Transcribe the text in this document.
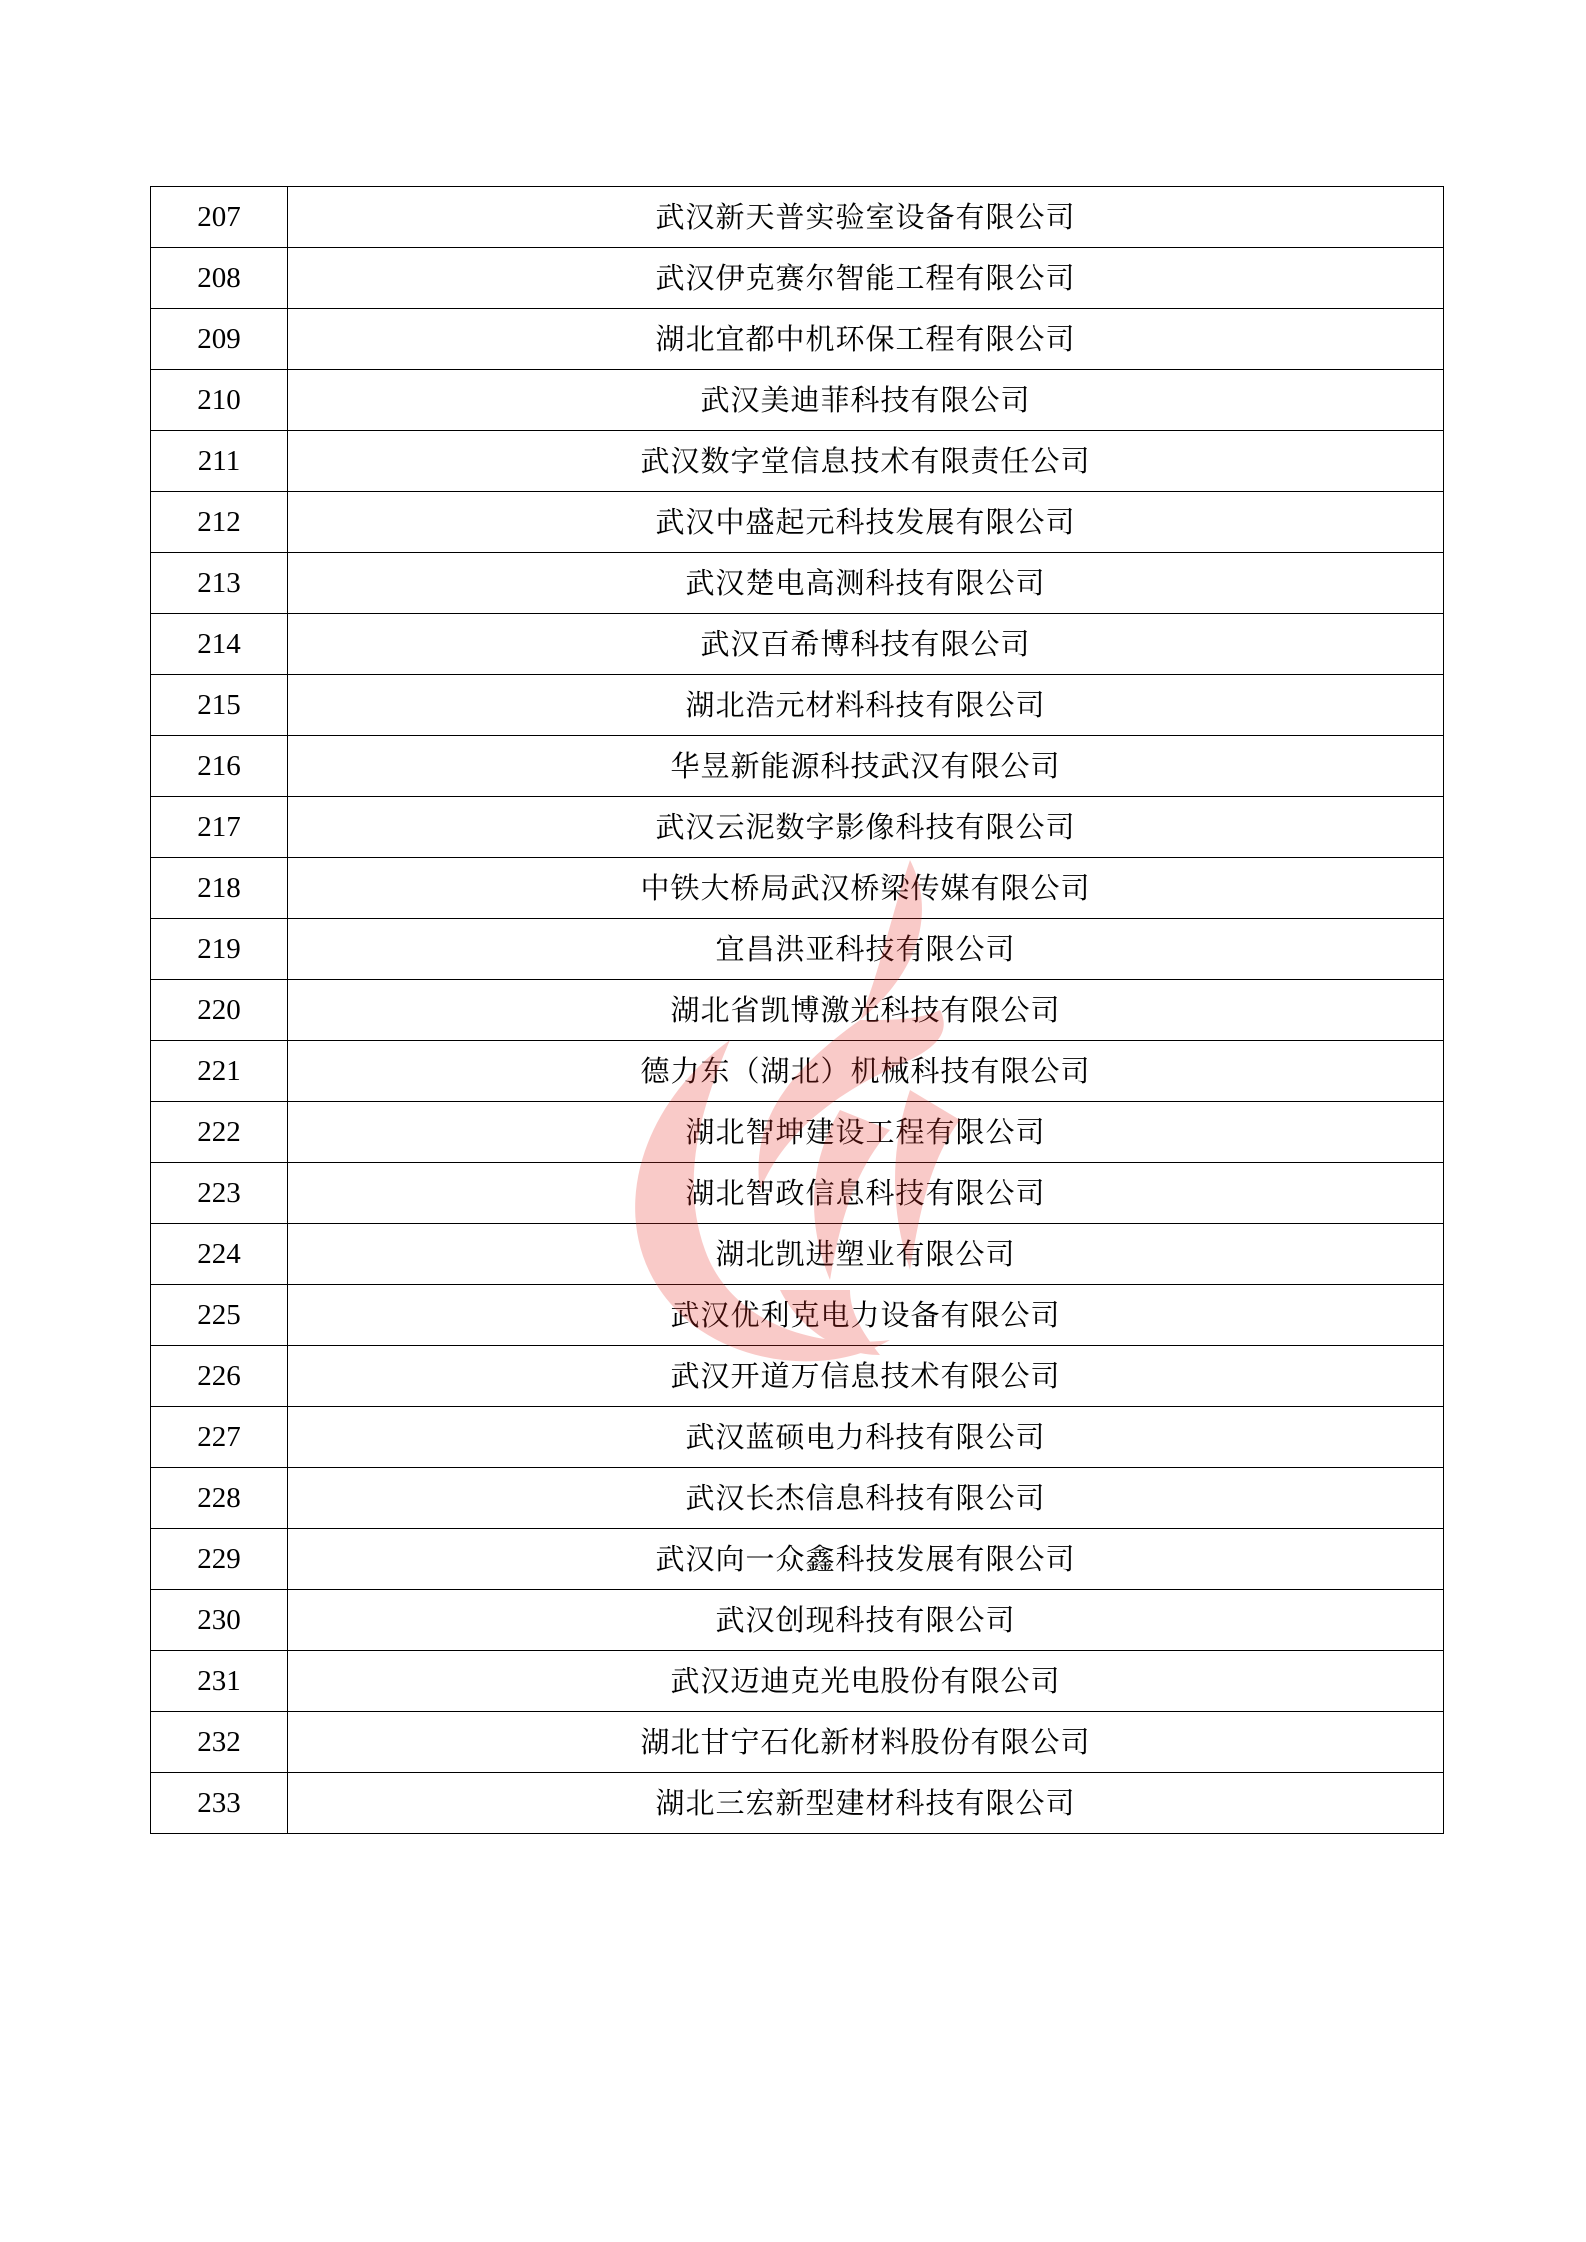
207	武汉新天普实验室设备有限公司
208	武汉伊克赛尔智能工程有限公司
209	湖北宜都中机环保工程有限公司
210	武汉美迪菲科技有限公司
211	武汉数字堂信息技术有限责任公司
212	武汉中盛起元科技发展有限公司
213	武汉楚电高测科技有限公司
214	武汉百希博科技有限公司
215	湖北浩元材料科技有限公司
216	华昱新能源科技武汉有限公司
217	武汉云泥数字影像科技有限公司
218	中铁大桥局武汉桥梁传媒有限公司
219	宜昌洪亚科技有限公司
220	湖北省凯博激光科技有限公司
221	德力东（湖北）机械科技有限公司
222	湖北智坤建设工程有限公司
223	湖北智政信息科技有限公司
224	湖北凯进塑业有限公司
225	武汉优利克电力设备有限公司
226	武汉开道万信息技术有限公司
227	武汉蓝硕电力科技有限公司
228	武汉长杰信息科技有限公司
229	武汉向一众鑫科技发展有限公司
230	武汉创现科技有限公司
231	武汉迈迪克光电股份有限公司
232	湖北甘宁石化新材料股份有限公司
233	湖北三宏新型建材科技有限公司
